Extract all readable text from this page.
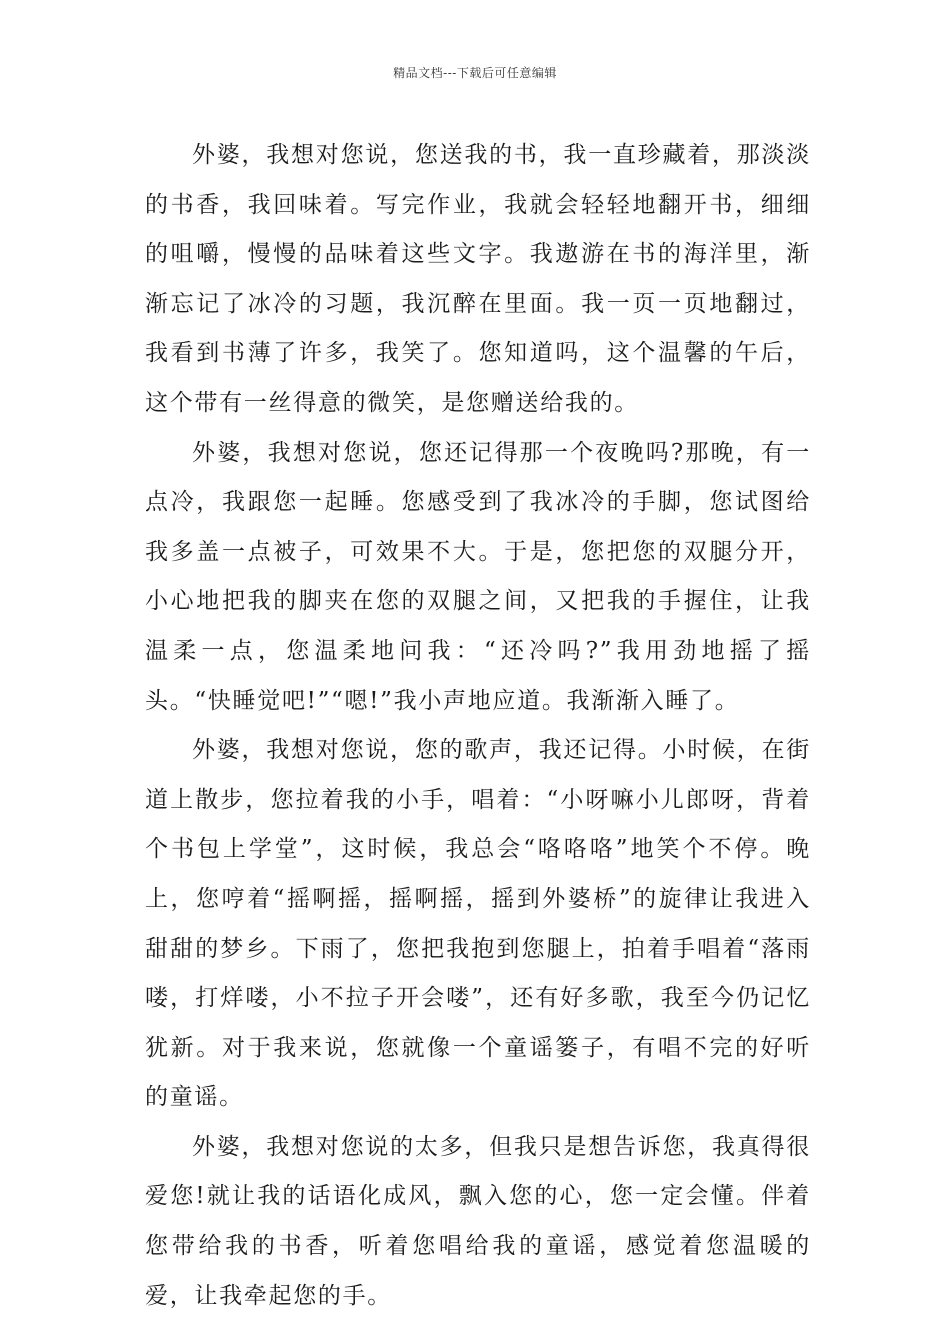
精品文档---下载后可任意编辑

外婆，我想对您说，您送我的书，我一直珍藏着，那淡淡的书香，我回味着。写完作业，我就会轻轻地翻开书，细细的咀嚼，慢慢的品味着这些文字。我遨游在书的海洋里，渐渐忘记了冰冷的习题，我沉醉在里面。我一页一页地翻过，我看到书薄了许多，我笑了。您知道吗，这个温馨的午后，这个带有一丝得意的微笑，是您赠送给我的。

外婆，我想对您说，您还记得那一个夜晚吗?那晚，有一点冷，我跟您一起睡。您感受到了我冰冷的手脚，您试图给我多盖一点被子，可效果不大。于是，您把您的双腿分开，小心地把我的脚夹在您的双腿之间，又把我的手握住，让我温柔一点，您温柔地问我：“还冷吗?”我用劲地摇了摇头。“快睡觉吧!”“嗯!”我小声地应道。我渐渐入睡了。

外婆，我想对您说，您的歌声，我还记得。小时候，在街道上散步，您拉着我的小手，唱着：“小呀嘛小儿郎呀，背着个书包上学堂”，这时候，我总会“咯咯咯”地笑个不停。晚上，您哼着“摇啊摇，摇啊摇，摇到外婆桥”的旋律让我进入甜甜的梦乡。下雨了，您把我抱到您腿上，拍着手唱着“落雨喽，打烊喽，小不拉子开会喽”，还有好多歌，我至今仍记忆犹新。对于我来说，您就像一个童谣篓子，有唱不完的好听的童谣。

外婆，我想对您说的太多，但我只是想告诉您，我真得很爱您!就让我的话语化成风，飘入您的心，您一定会懂。伴着您带给我的书香，听着您唱给我的童谣，感觉着您温暖的爱，让我牵起您的手。
